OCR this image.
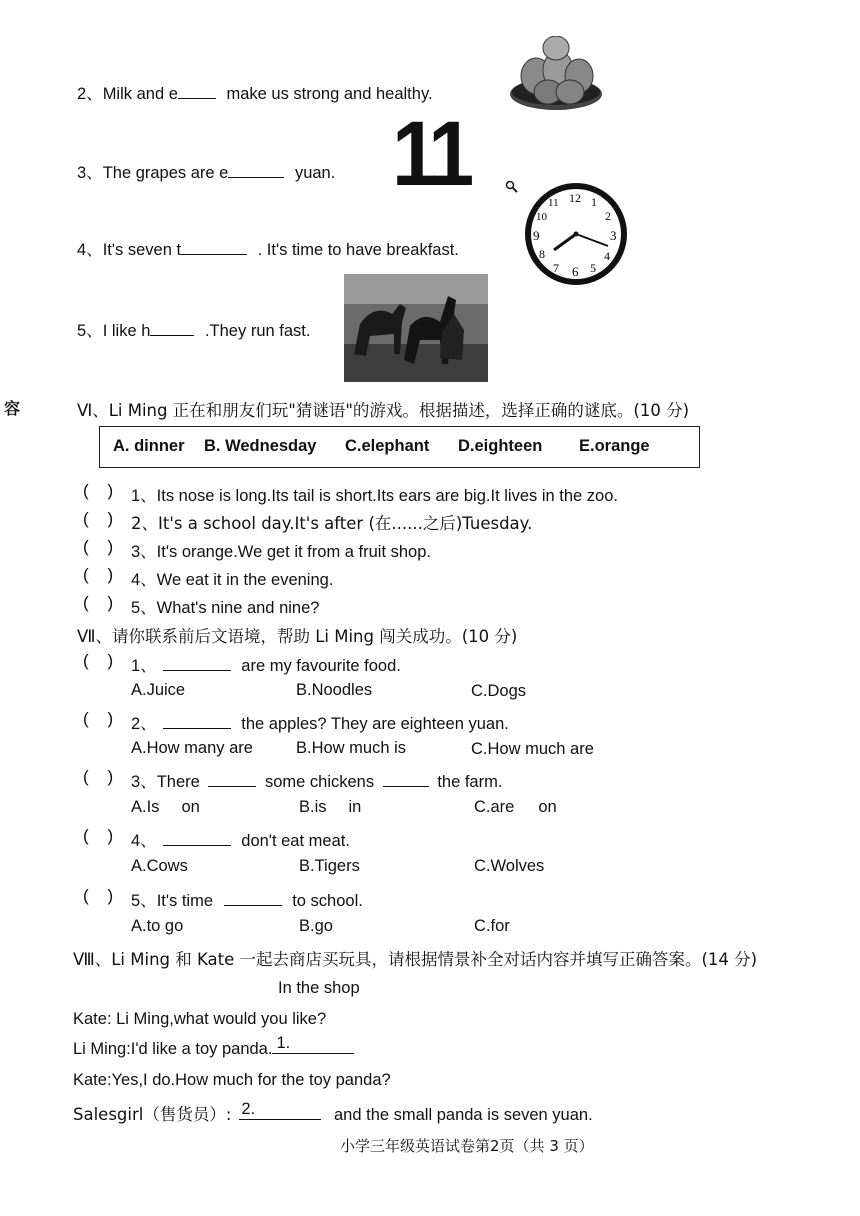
2、Milk and e	make us strong and healthy.
3、The grapes are e	yuan.
4、It's seven t	. It's time to have breakfast.
5、I like h	.They run fast.
11	12 1
2
3
4
5
6
7
8
9
10
11
容	Ⅵ、Li Ming 正在和朋友们玩"猜谜语"的游戏。根据描述，选择正确的谜底。(10 分)
A. dinner B. Wednesday C.elephant D.eighteen E.orange
(    ) 1、Its nose is long.Its tail is short.Its ears are big.It lives in the zoo.
(    ) 2、It's a school day.It's after (在......之后)Tuesday.
(    ) 3、It's orange.We get it from a fruit shop.
(    ) 4、We eat it in the evening.
(    ) 5、What's nine and nine?
Ⅶ、请你联系前后文语境，帮助 Li Ming 闯关成功。(10 分)
(    ) 1、	are my favourite food.
A.Juice	B.Noodles	C.Dogs
(    ) 2、	the apples? They are eighteen yuan.
A.How many are	B.How much is	C.How much are
(    ) 3、There	some chickens	the farm.
A.Is on	B.is in	C.are on
(    ) 4、	don't eat meat.
A.Cows	B.Tigers	C.Wolves
(    ) 5、It's time	to school.
A.to go	B.go	C.for
Ⅷ、Li Ming 和 Kate 一起去商店买玩具，请根据情景补全对话内容并填写正确答案。(14 分)
In the shop
Kate: Li Ming,what would you like?
Li Ming:I'd like a toy panda. 1.
Kate:Yes,I do.How much for the toy panda?
Salesgirl（售货员）: 2.	and the small panda is seven yuan.
小学三年级英语试卷第2页（共 3 页）
